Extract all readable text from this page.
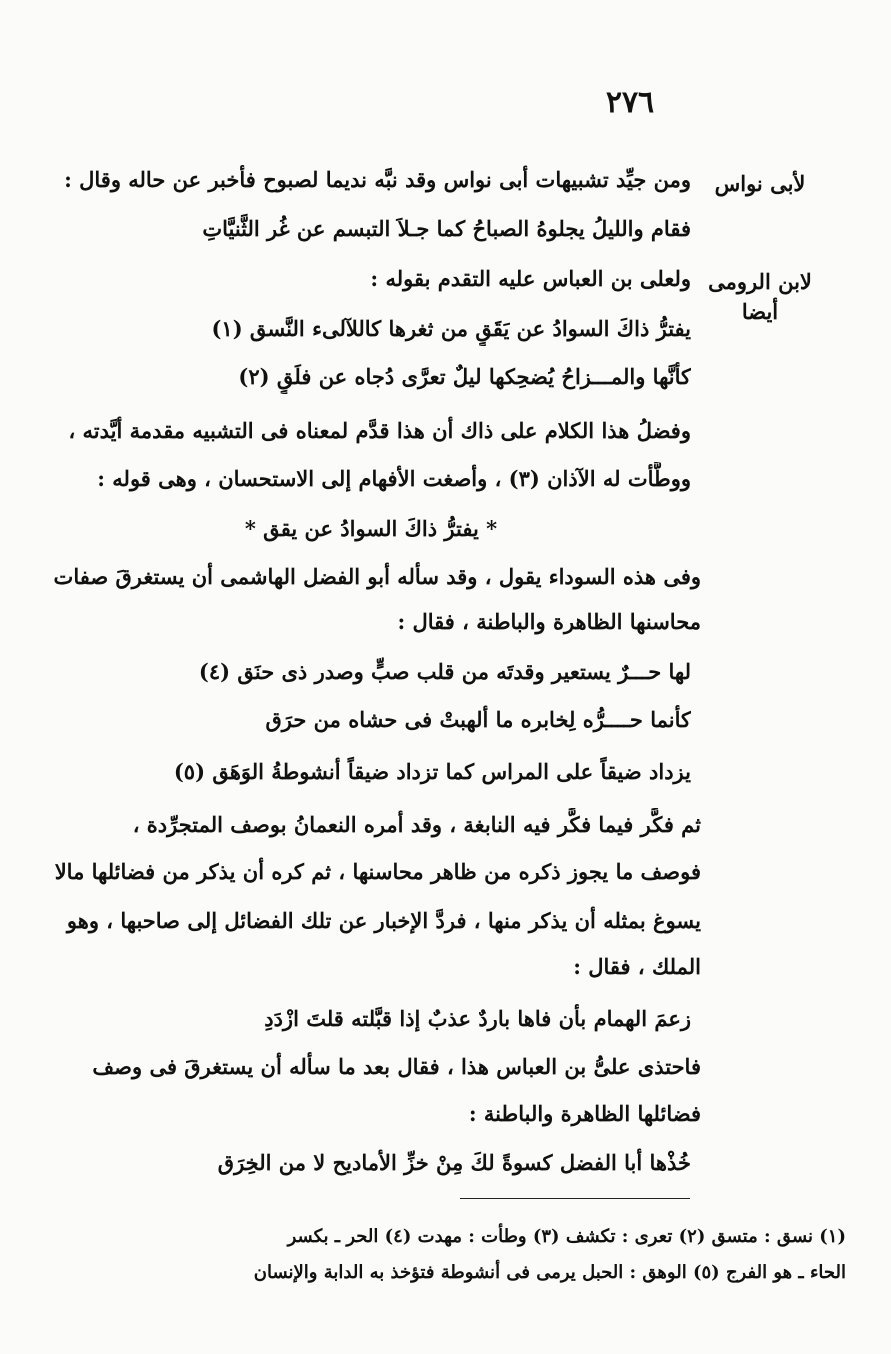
٢٧٦
لأبى نواس
لابن الرومى
أيضا
ومن جيِّد تشبيهات أبى نواس وقد نبَّه نديما لصبوح فأخبر عن حاله وقال :
فقام والليلُ يجلوهُ الصباحُ كما جـلاَ التبسم عن غُر الثَّنيَّاتِ
ولعلى بن العباس عليه التقدم بقوله :
يفترُّ ذاكَ السوادُ عن يَقَقٍ من ثغرها كاللآلىء النَّسق (١)
كأنَّها والمـــزاحُ يُضحِكها ليلٌ تعرَّى دُجاه عن فلَقٍ (٢)
وفضلُ هذا الكلام على ذاك أن هذا قدَّم لمعناه فى التشبيه مقدمة أيَّدته ،
ووطَّأت له الآذان (٣) ، وأصغت الأفهام إلى الاستحسان ، وهى قوله :
* يفترُّ ذاكَ السوادُ عن يقق *
وفى هذه السوداء يقول ، وقد سأله أبو الفضل الهاشمى أن يستغرقَ صفات
محاسنها الظاهرة والباطنة ، فقال :
لها حـــرٌ يستعير وقدتَه من قلب صبٍّ وصدر ذى حنَق (٤)
كأنما حــــرُّه لِخابره ما ألهبتْ فى حشاه من حرَق
يزداد ضيقاً على المراس كما تزداد ضيقاً أنشوطةُ الوَهَق (٥)
ثم فكَّر فيما فكَّر فيه النابغة ، وقد أمره النعمانُ بوصف المتجرِّدة ،
فوصف ما يجوز ذكره من ظاهر محاسنها ، ثم كره أن يذكر من فضائلها مالا
يسوغ بمثله أن يذكر منها ، فردَّ الإخبار عن تلك الفضائل إلى صاحبها ، وهو
الملك ، فقال :
زعمَ الهمام بأن فاها باردٌ عذبٌ إذا قبَّلته قلتَ ازْدَدِ
فاحتذى علىُّ بن العباس هذا ، فقال بعد ما سأله أن يستغرقَ فى وصف
فضائلها الظاهرة والباطنة :
خُذْها أبا الفضل كسوةً لكَ مِنْ خزِّ الأماديح لا من الخِرَق
(١) نسق : متسق (٢) تعرى : تكشف (٣) وطأت : مهدت (٤) الحر ـ بكسر
الحاء ـ هو الفرج (٥) الوهق : الحبل يرمى فى أنشوطة فتؤخذ به الدابة والإنسان
